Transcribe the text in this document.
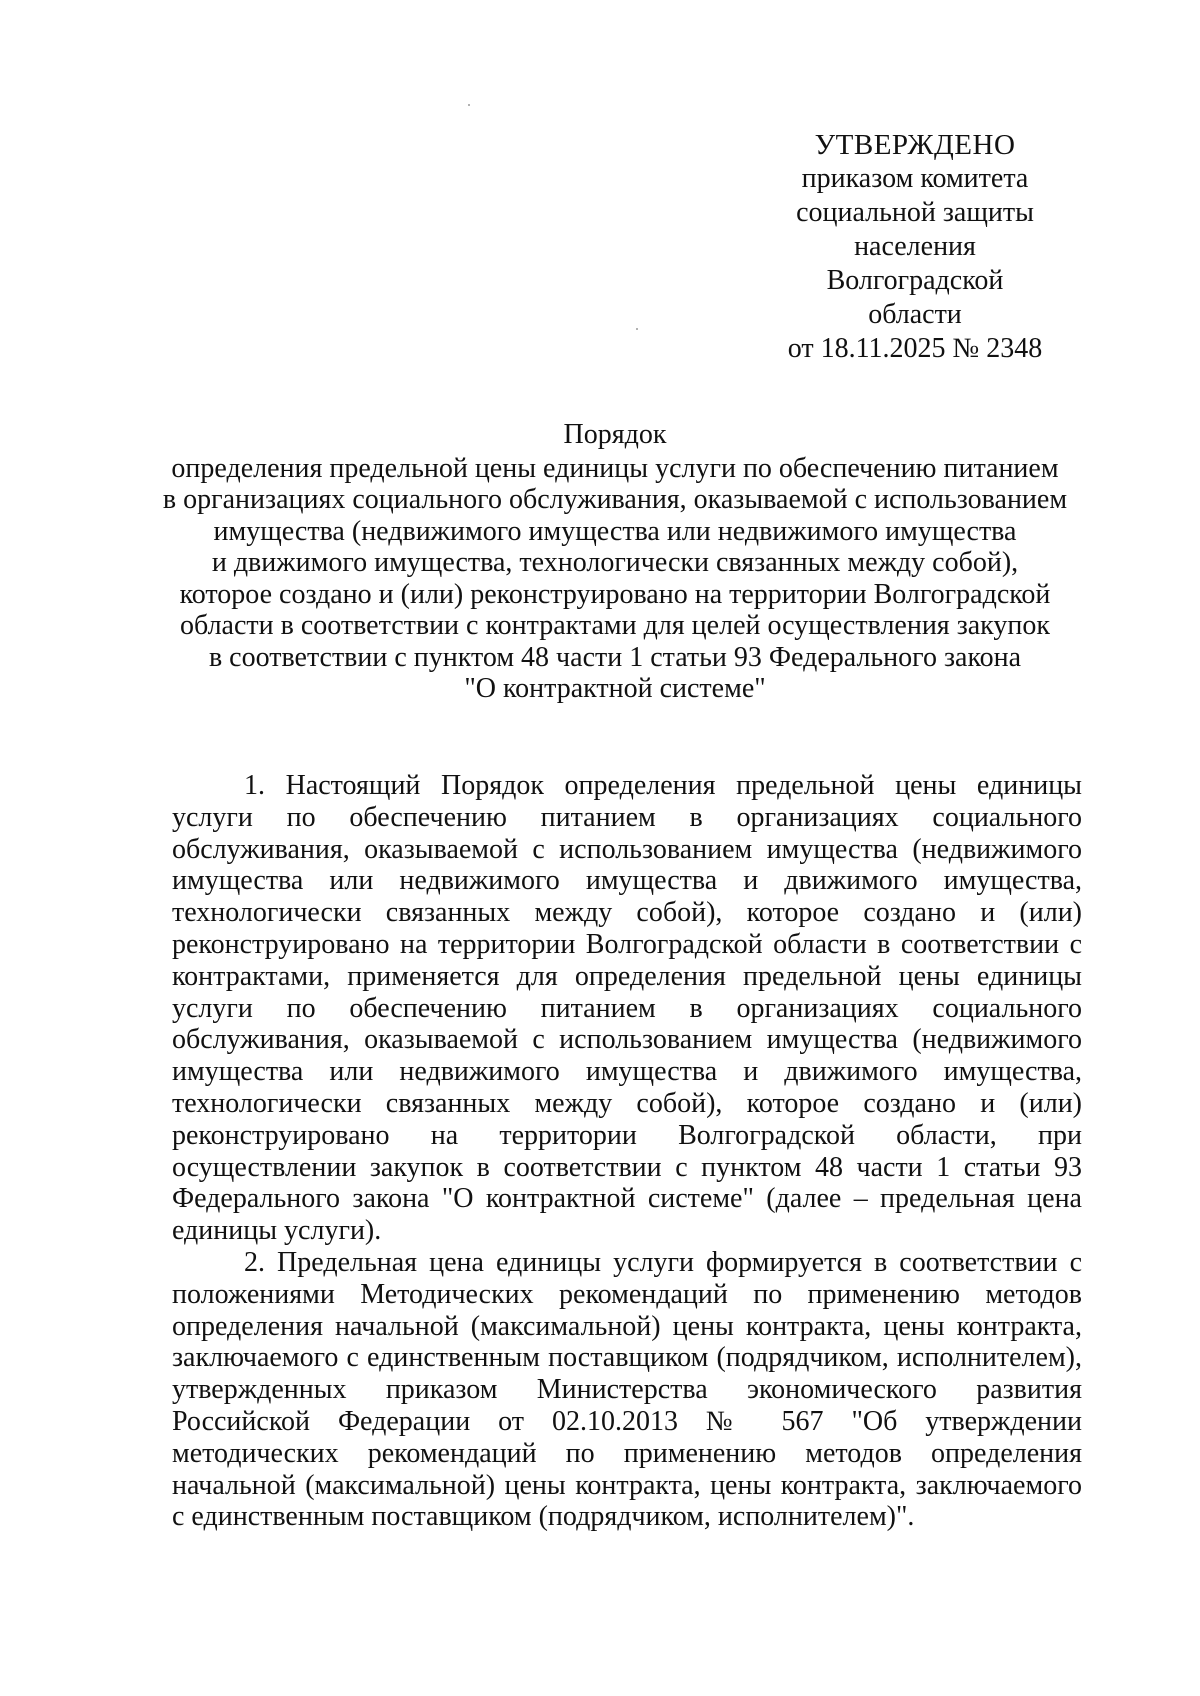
УТВЕРЖДЕНО
приказом комитета
социальной защиты
населения Волгоградской
области
от 18.11.2025 № 2348
Порядок
определения предельной цены единицы услуги по обеспечению питанием
в организациях социального обслуживания, оказываемой с использованием
имущества (недвижимого имущества или недвижимого имущества
и движимого имущества, технологически связанных между собой),
которое создано и (или) реконструировано на территории Волгоградской
области в соответствии с контрактами для целей осуществления закупок
в соответствии с пунктом 48 части 1 статьи 93 Федерального закона
"О контрактной системе"

1. Настоящий Порядок определения предельной цены единицы услуги по обеспечению питанием в организациях социального обслуживания, оказываемой с использованием имущества (недвижимого имущества или недвижимого имущества и движимого имущества, технологически связанных между собой), которое создано и (или) реконструировано на территории Волгоградской области в соответствии с контрактами, применяется для определения предельной цены единицы услуги по обеспечению питанием в организациях социального обслуживания, оказываемой с использованием имущества (недвижимого имущества или недвижимого имущества и движимого имущества, технологически связанных между собой), которое создано и (или) реконструировано на территории Волгоградской области, при осуществлении закупок в соответствии с пунктом 48 части 1 статьи 93 Федерального закона "О контрактной системе" (далее – предельная цена единицы услуги).

2. Предельная цена единицы услуги формируется в соответствии с положениями Методических рекомендаций по применению методов определения начальной (максимальной) цены контракта, цены контракта, заключаемого с единственным поставщиком (подрядчиком, исполнителем), утвержденных приказом Министерства экономического развития Российской Федерации от 02.10.2013 № 567 "Об утверждении методических рекомендаций по применению методов определения начальной (максимальной) цены контракта, цены контракта, заключаемого с единственным поставщиком (подрядчиком, исполнителем)".
